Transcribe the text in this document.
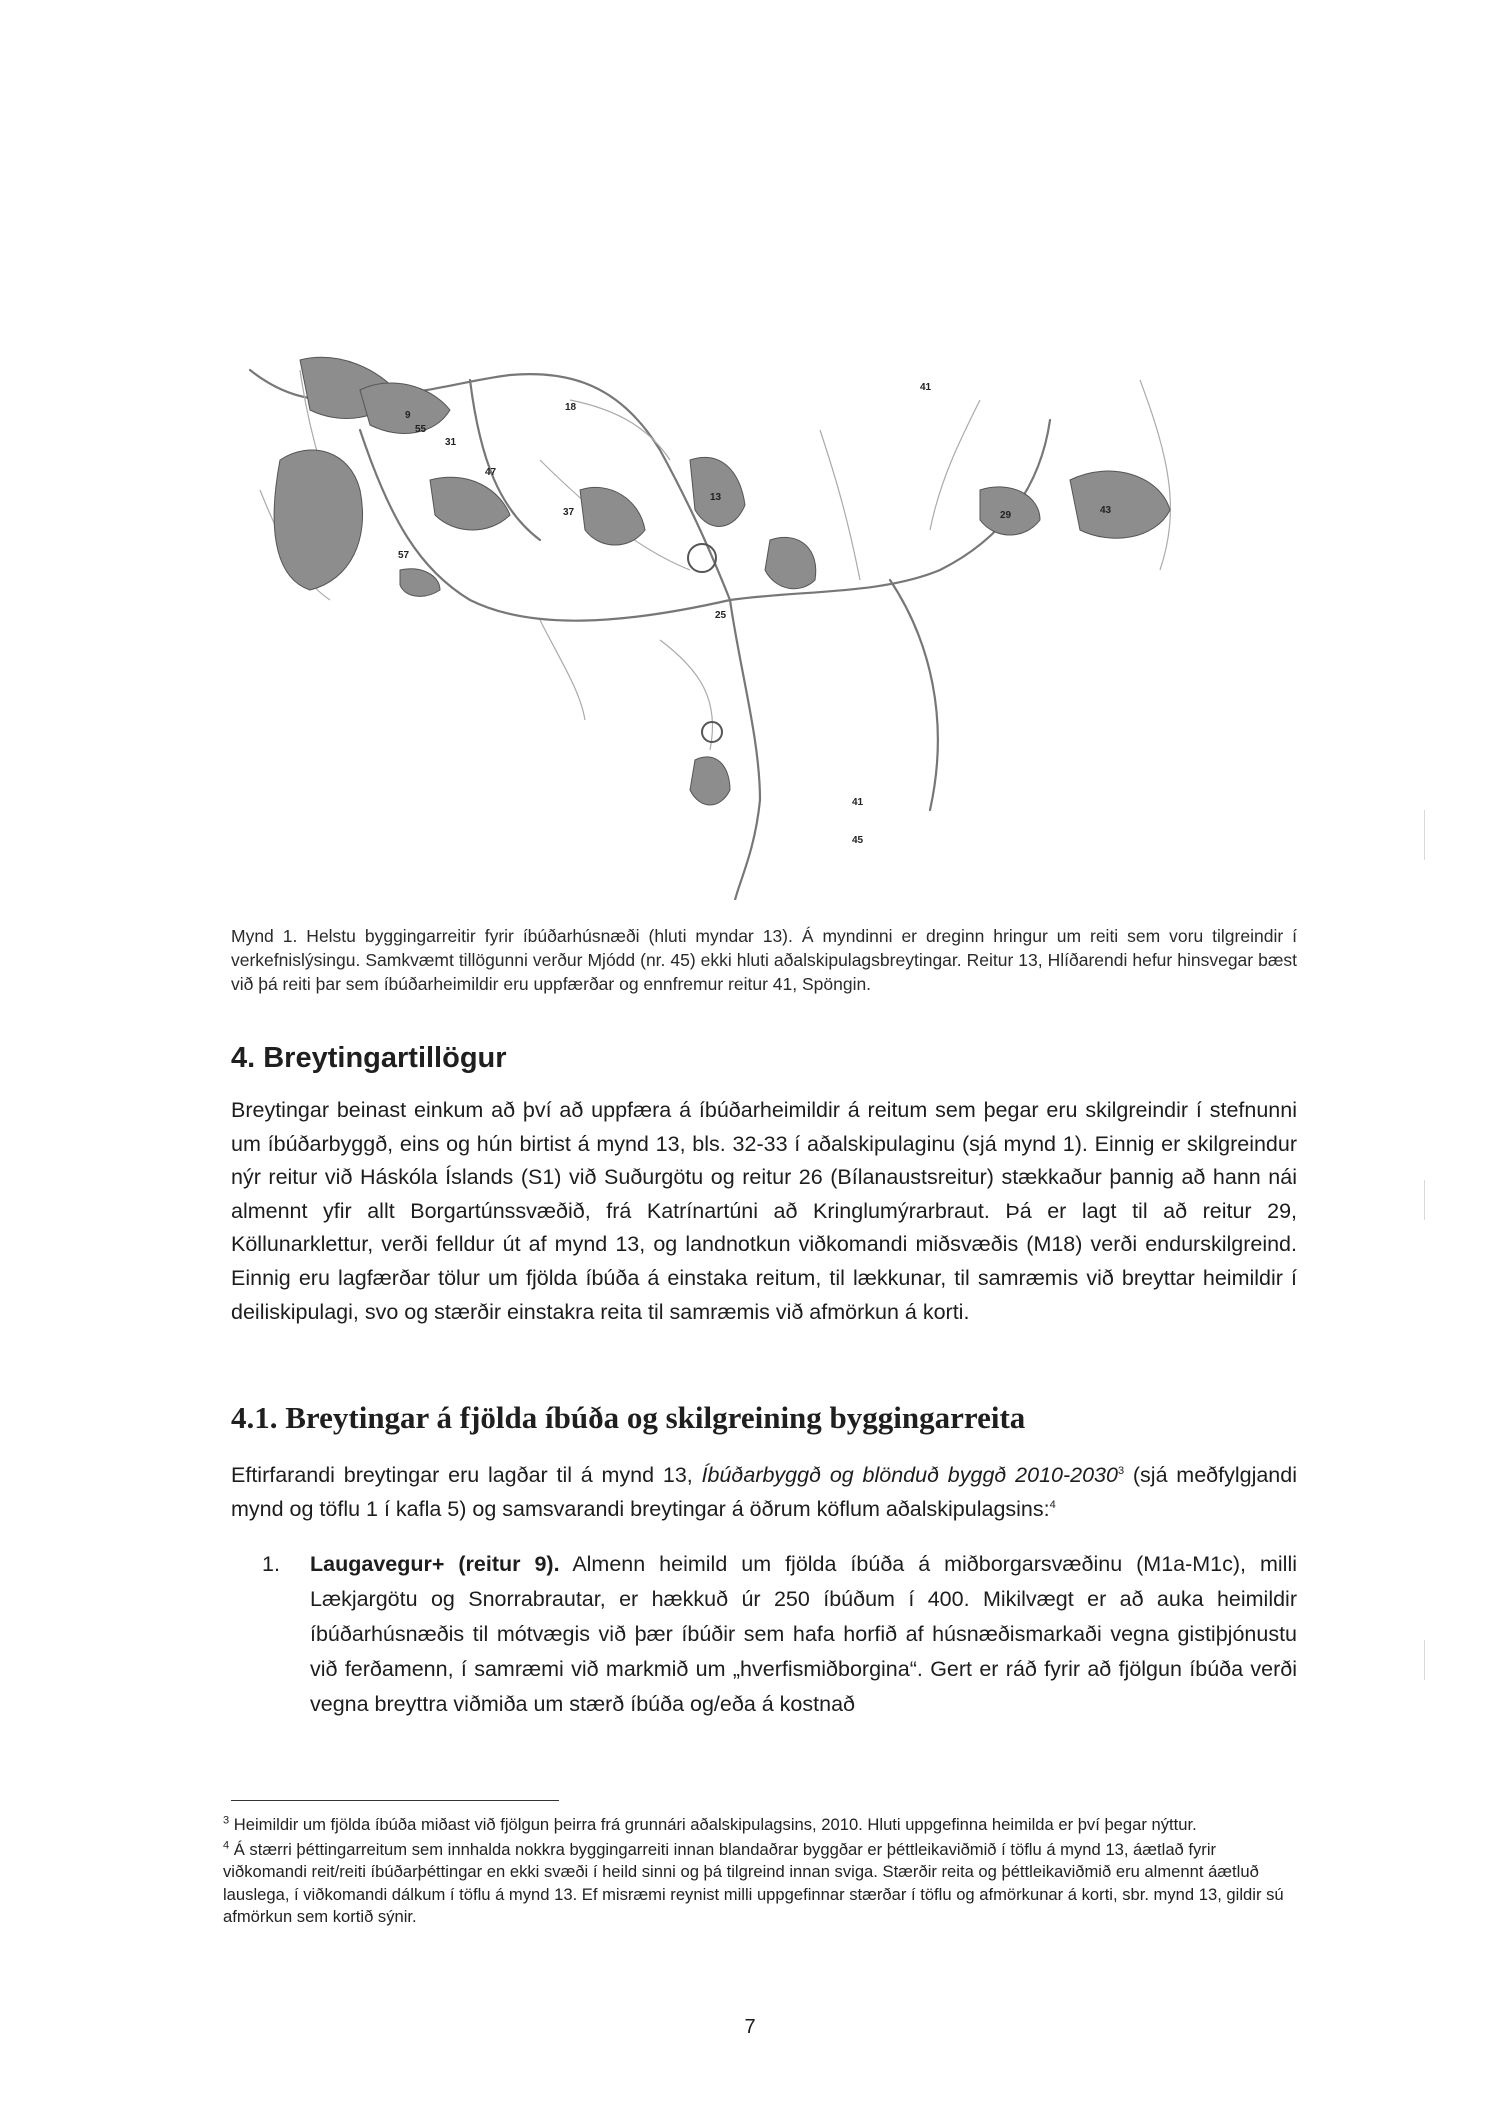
9
31
55
18
47
37
57
13
41
43
41
45
25
29

Mynd 1. Helstu byggingarreitir fyrir íbúðarhúsnæði (hluti myndar 13). Á myndinni er dreginn hringur um reiti sem voru tilgreindir í verkefnislýsingu. Samkvæmt tillögunni verður Mjódd (nr. 45) ekki hluti aðalskipulagsbreytingar. Reitur 13, Hlíðarendi hefur hinsvegar bæst við þá reiti þar sem íbúðarheimildir eru uppfærðar og ennfremur reitur 41, Spöngin.

4. Breytingartillögur

Breytingar beinast einkum að því að uppfæra á íbúðarheimildir á reitum sem þegar eru skilgreindir í stefnunni um íbúðarbyggð, eins og hún birtist á mynd 13, bls. 32-33 í aðalskipulaginu (sjá mynd 1). Einnig er skilgreindur nýr reitur við Háskóla Íslands (S1) við Suðurgötu og reitur 26 (Bílanaustsreitur) stækkaður þannig að hann nái almennt yfir allt Borgartúnssvæðið, frá Katrínartúni að Kringlumýrarbraut. Þá er lagt til að reitur 29, Köllunarklettur, verði felldur út af mynd 13, og landnotkun viðkomandi miðsvæðis (M18) verði endurskilgreind. Einnig eru lagfærðar tölur um fjölda íbúða á einstaka reitum, til lækkunar, til samræmis við breyttar heimildir í deiliskipulagi, svo og stærðir einstakra reita til samræmis við afmörkun á korti.

4.1. Breytingar á fjölda íbúða og skilgreining byggingarreita

Eftirfarandi breytingar eru lagðar til á mynd 13, Íbúðarbyggð og blönduð byggð 2010-2030$^3$ (sjá meðfylgjandi mynd og töflu 1 í kafla 5) og samsvarandi breytingar á öðrum köflum aðalskipulagsins:$^4$

1.	Laugavegur+ (reitur 9). Almenn heimild um fjölda íbúða á miðborgarsvæðinu (M1a-M1c), milli Lækjargötu og Snorrabrautar, er hækkuð úr 250 íbúðum í 400. Mikilvægt er að auka heimildir íbúðarhúsnæðis til mótvægis við þær íbúðir sem hafa horfið af húsnæðismarkaði vegna gistiþjónustu við ferðamenn, í samræmi við markmið um „hverfismiðborgina“. Gert er ráð fyrir að fjölgun íbúða verði vegna breyttra viðmiða um stærð íbúða og/eða á kostnað

$^3$ Heimildir um fjölda íbúða miðast við fjölgun þeirra frá grunnári aðalskipulagsins, 2010. Hluti uppgefinna heimilda er því þegar nýttur.

$^4$ Á stærri þéttingarreitum sem innhalda nokkra byggingarreiti innan blandaðrar byggðar er þéttleikaviðmið í töflu á mynd 13, áætlað fyrir viðkomandi reit/reiti íbúðarþéttingar en ekki svæði í heild sinni og þá tilgreind innan sviga. Stærðir reita og þéttleikaviðmið eru almennt áætluð lauslega, í viðkomandi dálkum í töflu á mynd 13. Ef misræmi reynist milli uppgefinnar stærðar í töflu og afmörkunar á korti, sbr. mynd 13, gildir sú afmörkun sem kortið sýnir.

7
